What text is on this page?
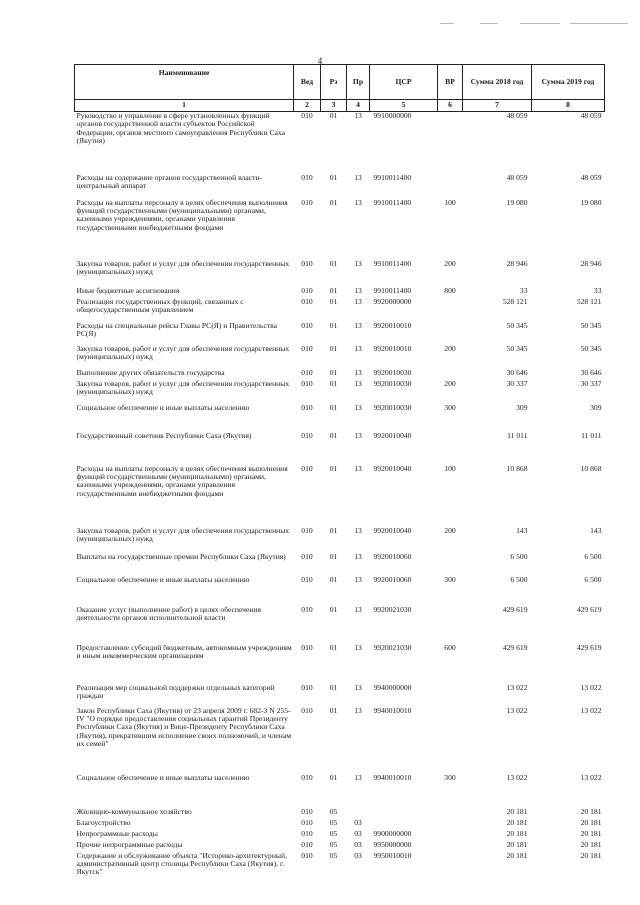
4
Наименование	Вед	Рз	Пр	ЦСР	ВР	Сумма 2018 год	Сумма 2019 год
1	2	3	4	5	6	7	8
Руководство и управление в сфере установленных функций органов государственной власти субъектов Российской Федерации, органов местного самоуправления Республики Саха (Якутия)	010	01	13	9910000000		48 059	48 059
Расходы на содержание органов государственной власти- центральный аппарат	010	01	13	9910011400		48 059	48 059
Расходы на выплаты персоналу в целях обеспечения выполнения функций государственными (муниципальными) органами, казенными учреждениями, органами управления государственными внебюджетными фондами	010	01	13	9910011400	100	19 080	19 080
Закупка товаров, работ и услуг для обеспечения государственных (муниципальных) нужд	010	01	13	9910011400	200	28 946	28 946
Иные бюджетные ассигнования	010	01	13	9910011400	800	33	33
Реализация государственных функций, связанных с общегосударственным управлением	010	01	13	9920000000		528 121	528 121
Расходы на специальные рейсы Главы РС(Я) и Правительства РС(Я)	010	01	13	9920010010		50 345	50 345
Закупка товаров, работ и услуг для обеспечения государственных (муниципальных) нужд	010	01	13	9920010010	200	50 345	50 345
Выполнение других обязательств государства	010	01	13	9920010030		30 646	30 646
Закупка товаров, работ и услуг для обеспечения государственных (муниципальных) нужд	010	01	13	9920010030	200	30 337	30 337
Социальное обеспечение и иные выплаты населению	010	01	13	9920010030	300	309	309
Государственный советник Республики Саха (Якутия)	010	01	13	9920010040		11 011	11 011
Расходы на выплаты персоналу в целях обеспечения выполнения функций государственными (муниципальными) органами, казенными учреждениями, органами управления государственными внебюджетными фондами	010	01	13	9920010040	100	10 868	10 868
Закупка товаров, работ и услуг для обеспечения государственных (муниципальных) нужд	010	01	13	9920010040	200	143	143
Выплаты на государственные премии Республики Саха (Якутия)	010	01	13	9920010060		6 500	6 500
Социальное обеспечение и иные выплаты населению	010	01	13	9920010060	300	6 500	6 500
Оказание услуг (выполнение работ) в целях обеспечения деятельности органов исполнительной власти	010	01	13	9920021030		429 619	429 619
Предоставление субсидий бюджетным, автономным учреждениям и иным некоммерческим организациям	010	01	13	9920021030	600	429 619	429 619
Реализация мер социальной поддержки отдельных категорий граждан	010	01	13	9940000000		13 022	13 022
Закон Республики Саха (Якутия) от 23 апреля 2009 г. 682-З N 255-IV "О порядке предоставления социальных гарантий Президенту Республики Саха (Якутия) и Вице-Президенту Республики Саха (Якутия), прекратившим исполнение своих полномочий, и членам их семей"	010	01	13	9940010010		13 022	13 022
Социальное обеспечение и иные выплаты населению	010	01	13	9940010010	300	13 022	13 022
Жилищно-коммунальное хозяйство	010	05				20 181	20 181
Благоустройство	010	05	03			20 181	20 181
Непрограммные расходы	010	05	03	9900000000		20 181	20 181
Прочие непрограммные расходы	010	05	03	9950000000		20 181	20 181
Содержание и обслуживание объекта "Историко-архитектурный, административный центр столицы Республики Саха (Якутия), г. Якутск"	010	05	03	9950010010		20 181	20 181
